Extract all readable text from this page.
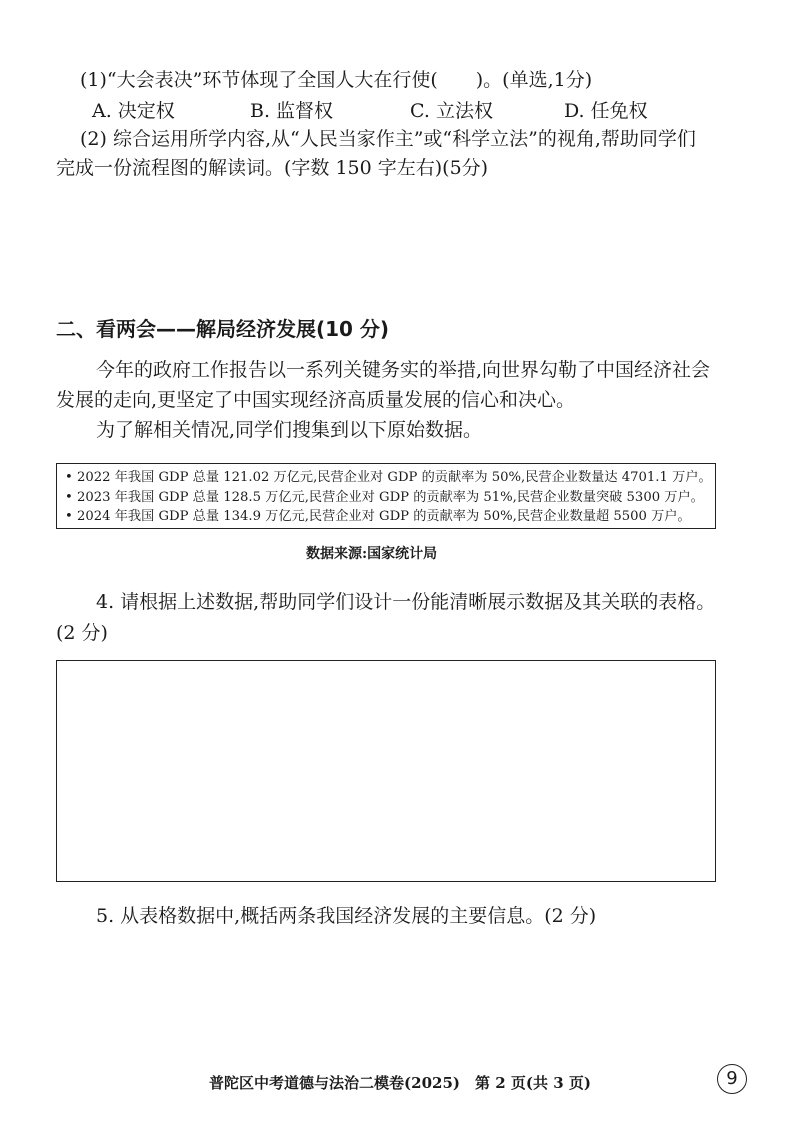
(1)“大会表决”环节体现了全国人大在行使(　　)。(单选,1分)
A. 决定权	B. 监督权	C. 立法权	D. 任免权
(2) 综合运用所学内容,从“人民当家作主”或“科学立法”的视角,帮助同学们
完成一份流程图的解读词。(字数 150 字左右)(5分)
二、看两会——解局经济发展(10 分)
今年的政府工作报告以一系列关键务实的举措,向世界勾勒了中国经济社会
发展的走向,更坚定了中国实现经济高质量发展的信心和决心。
为了解相关情况,同学们搜集到以下原始数据。
• 2022 年我国 GDP 总量 121.02 万亿元,民营企业对 GDP 的贡献率为 50%,民营企业数量达 4701.1 万户。
• 2023 年我国 GDP 总量 128.5 万亿元,民营企业对 GDP 的贡献率为 51%,民营企业数量突破 5300 万户。
• 2024 年我国 GDP 总量 134.9 万亿元,民营企业对 GDP 的贡献率为 50%,民营企业数量超 5500 万户。
数据来源:国家统计局
4. 请根据上述数据,帮助同学们设计一份能清晰展示数据及其关联的表格。
(2 分)
5. 从表格数据中,概括两条我国经济发展的主要信息。(2 分)
普陀区中考道德与法治二模卷(2025)　第 2 页(共 3 页)	9
